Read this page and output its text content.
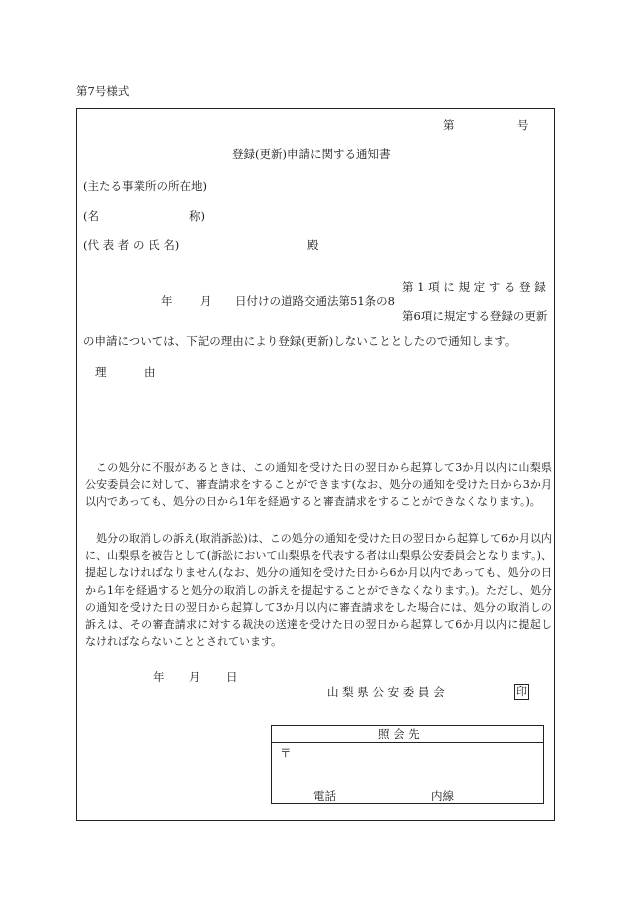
第7号様式
第	号
登録(更新)申請に関する通知書
(主たる事業所の所在地)
(名	称)
(代 表 者 の 氏 名)	殿
第 1 項 に 規 定 す る 登 録
年 月 日付けの道路交通法第51条の8
第6項に規定する登録の更新
の申請については、下記の理由により登録(更新)しないこととしたので通知します。
理	由
この処分に不服があるときは、この通知を受けた日の翌日から起算して3か月以内に山梨県公安委員会に対して、審査請求をすることができます(なお、処分の通知を受けた日から3か月以内であっても、処分の日から1年を経過すると審査請求をすることができなくなります。)。
処分の取消しの訴え(取消訴訟)は、この処分の通知を受けた日の翌日から起算して6か月以内に、山梨県を被告として(訴訟において山梨県を代表する者は山梨県公安委員会となります。)、提起しなければなりません(なお、処分の通知を受けた日から6か月以内であっても、処分の日から1年を経過すると処分の取消しの訴えを提起することができなくなります。)。ただし、処分の通知を受けた日の翌日から起算して3か月以内に審査請求をした場合には、処分の取消しの訴えは、その審査請求に対する裁決の送達を受けた日の翌日から起算して6か月以内に提起しなければならないこととされています。
年 月 日
山 梨 県 公 安 委 員 会	印
照 会 先
〒
電話	内線
